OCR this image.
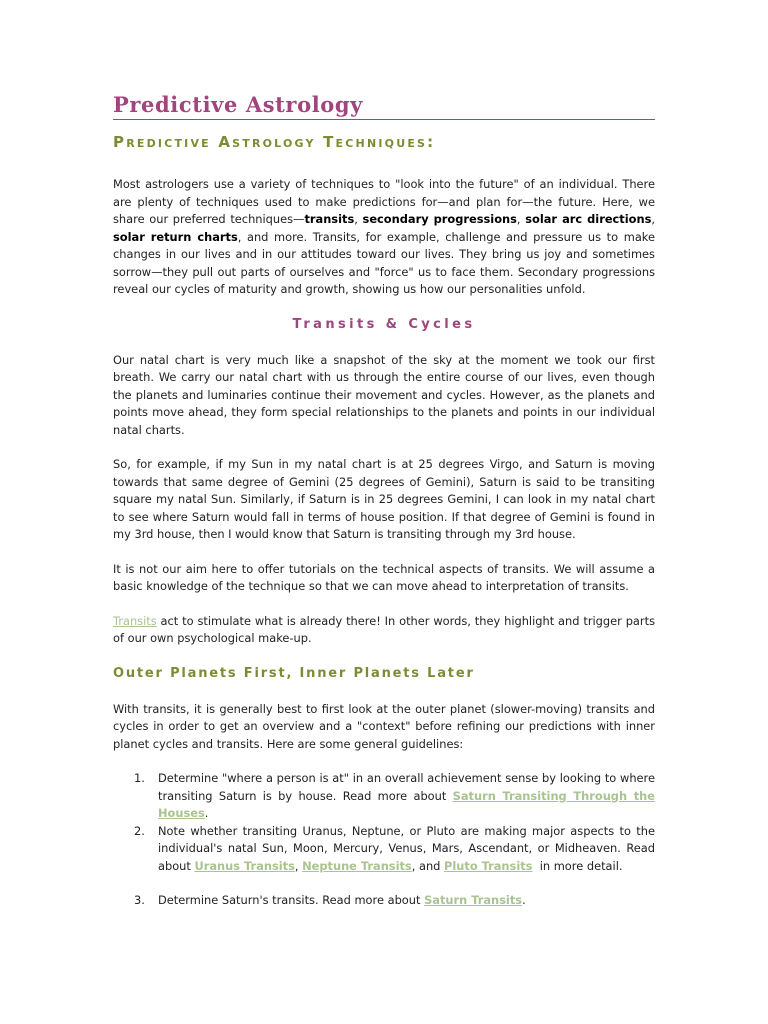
Predictive Astrology
Predictive Astrology Techniques:

Most astrologers use a variety of techniques to "look into the future" of an individual. There are plenty of techniques used to make predictions for—and plan for—the future. Here, we share our preferred techniques—transits, secondary progressions, solar arc directions, solar return charts, and more. Transits, for example, challenge and pressure us to make changes in our lives and in our attitudes toward our lives. They bring us joy and sometimes sorrow—they pull out parts of ourselves and "force" us to face them. Secondary progressions reveal our cycles of maturity and growth, showing us how our personalities unfold.

Transits & Cycles

Our natal chart is very much like a snapshot of the sky at the moment we took our first breath. We carry our natal chart with us through the entire course of our lives, even though the planets and luminaries continue their movement and cycles. However, as the planets and points move ahead, they form special relationships to the planets and points in our individual natal charts.

So, for example, if my Sun in my natal chart is at 25 degrees Virgo, and Saturn is moving towards that same degree of Gemini (25 degrees of Gemini), Saturn is said to be transiting square my natal Sun. Similarly, if Saturn is in 25 degrees Gemini, I can look in my natal chart to see where Saturn would fall in terms of house position. If that degree of Gemini is found in my 3rd house, then I would know that Saturn is transiting through my 3rd house.

It is not our aim here to offer tutorials on the technical aspects of transits. We will assume a basic knowledge of the technique so that we can move ahead to interpretation of transits.

Transits act to stimulate what is already there! In other words, they highlight and trigger parts of our own psychological make-up.

Outer Planets First, Inner Planets Later

With transits, it is generally best to first look at the outer planet (slower-moving) transits and cycles in order to get an overview and a "context" before refining our predictions with inner planet cycles and transits. Here are some general guidelines:

1. Determine "where a person is at" in an overall achievement sense by looking to where transiting Saturn is by house. Read more about Saturn Transiting Through the Houses.
2. Note whether transiting Uranus, Neptune, or Pluto are making major aspects to the individual's natal Sun, Moon, Mercury, Venus, Mars, Ascendant, or Midheaven. Read about Uranus Transits, Neptune Transits, and Pluto Transits  in more detail.
3. Determine Saturn's transits. Read more about Saturn Transits.
